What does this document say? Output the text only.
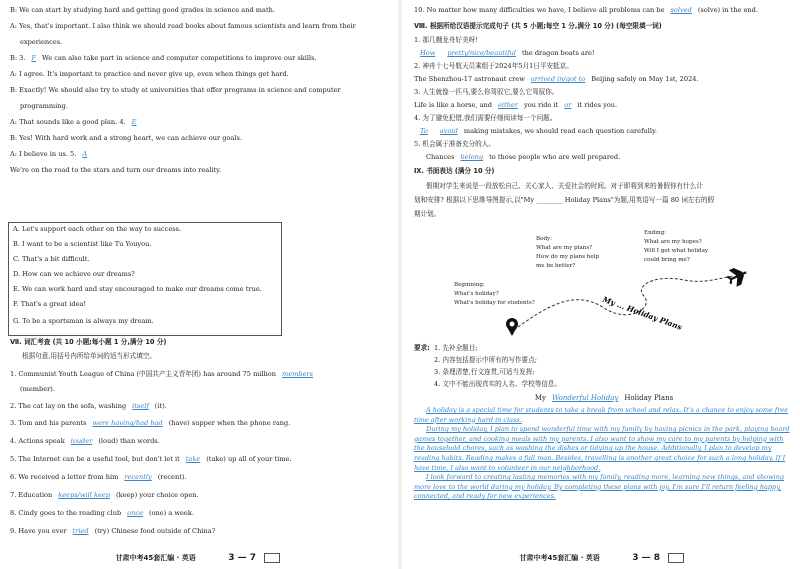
B: We can start by studying hard and getting good grades in science and math.
A: Yes, that's important. I also think we should read books about famous scientists and learn from their
experiences.
B: 3. F We can also take part in science and computer competitions to improve our skills.
A: I agree. It's important to practice and never give up, even when things get hard.
B: Exactly! We should also try to study at universities that offer programs in science and computer
programming.
A: That sounds like a good plan. 4. E
B: Yes! With hard work and a strong heart, we can achieve our goals.
A: I believe in us. 5. A
We're on the road to the stars and turn our dreams into reality.
A. Let's support each other on the way to success.
B. I want to be a scientist like Tu Youyou.
C. That's a bit difficult.
D. How can we achieve our dreams?
E. We can work hard and stay encouraged to make our dreams come true.
F. That's a great idea!
G. To be a sportsman is always my dream.
Ⅶ. 词汇考查 (共 10 小题;每小题 1 分,满分 10 分)
根据句意,用括号内所给单词的适当形式填空。
1. Communist Youth League of China (中国共产主义青年团) has around 75 million members
(member).
2. The cat lay on the sofa, washing itself (it).
3. Tom and his parents were having/had had (have) supper when the phone rang.
4. Actions speak louder (loud) than words.
5. The Internet can be a useful tool, but don't let it take (take) up all of your time.
6. We received a letter from him recently (recent).
7. Education keeps/will keep (keep) your choice open.
8. Cindy goes to the reading club once (one) a week.
9. Have you ever tried (try) Chinese food outside of China?
甘肃中考45套汇编 · 英语	3 — 7
10. No matter how many difficulties we have, I believe all problems can be solved (solve) in the end.
Ⅷ. 根据所给汉语提示完成句子 (共 5 小题;每空 1 分,满分 10 分) (每空限填一词)
1. 那几艘龙舟好美呀!
How pretty/nice/beautiful the dragon boats are!
2. 神舟十七号航天员乘组于2024年5月1日平安抵京。
The Shenzhou-17 astronaut crew arrived in/got to Beijing safely on May 1st, 2024.
3. 人生就像一匹马,要么你驾驭它,要么它驾驭你。
Life is like a horse, and either you ride it or it rides you.
4. 为了避免犯错,我们需要仔细阅读每一个问题。
To avoid making mistakes, we should read each question carefully.
5. 机会属于准备充分的人。
Chances belong to those people who are well prepared.
Ⅸ. 书面表达 (满分 10 分)
假期对学生来说是一段放松自己、关心家人、关爱社会的时间。对于即将到来的暑假你有什么计
划和安排? 根据以下思维导图提示,以"My ________ Holiday Plans"为题,用英语写一篇 80 词左右的假
期计划。
My ... Holiday Plans
Beginning:
What's holiday?
What's holiday for students?
Body:
What are my plans?
How do my plans help
me be better?
Ending:
What are my hopes?
Will I get what holiday
could bring me?
要求: 1. 先补全题目;
2. 内容包括提示中所有的写作要点;
3. 条理清楚,行文连贯,可适当发挥;
4. 文中不能出现真实的人名、学校等信息。
My Wonderful Holiday Holiday Plans

A holiday is a special time for students to take a break from school and relax. It's a chance to enjoy some free time after working hard in class.

During my holiday, I plan to spend wonderful time with my family by having picnics in the park, playing board games together, and cooking meals with my parents. I also want to show my care to my parents by helping with the household chores, such as washing the dishes or tidying up the house. Additionally, I plan to develop my reading habits. Reading makes a full man. Besides, travelling is another great choice for such a long holiday. If I have time, I also want to volunteer in our neighborhood.

I look forward to creating lasting memories with my family, reading more, learning new things, and showing more love to the world during my holiday. By completing these plans with joy, I'm sure I'll return feeling happy, connected, and ready for new experiences.

甘肃中考45套汇编 · 英语	3 — 8
